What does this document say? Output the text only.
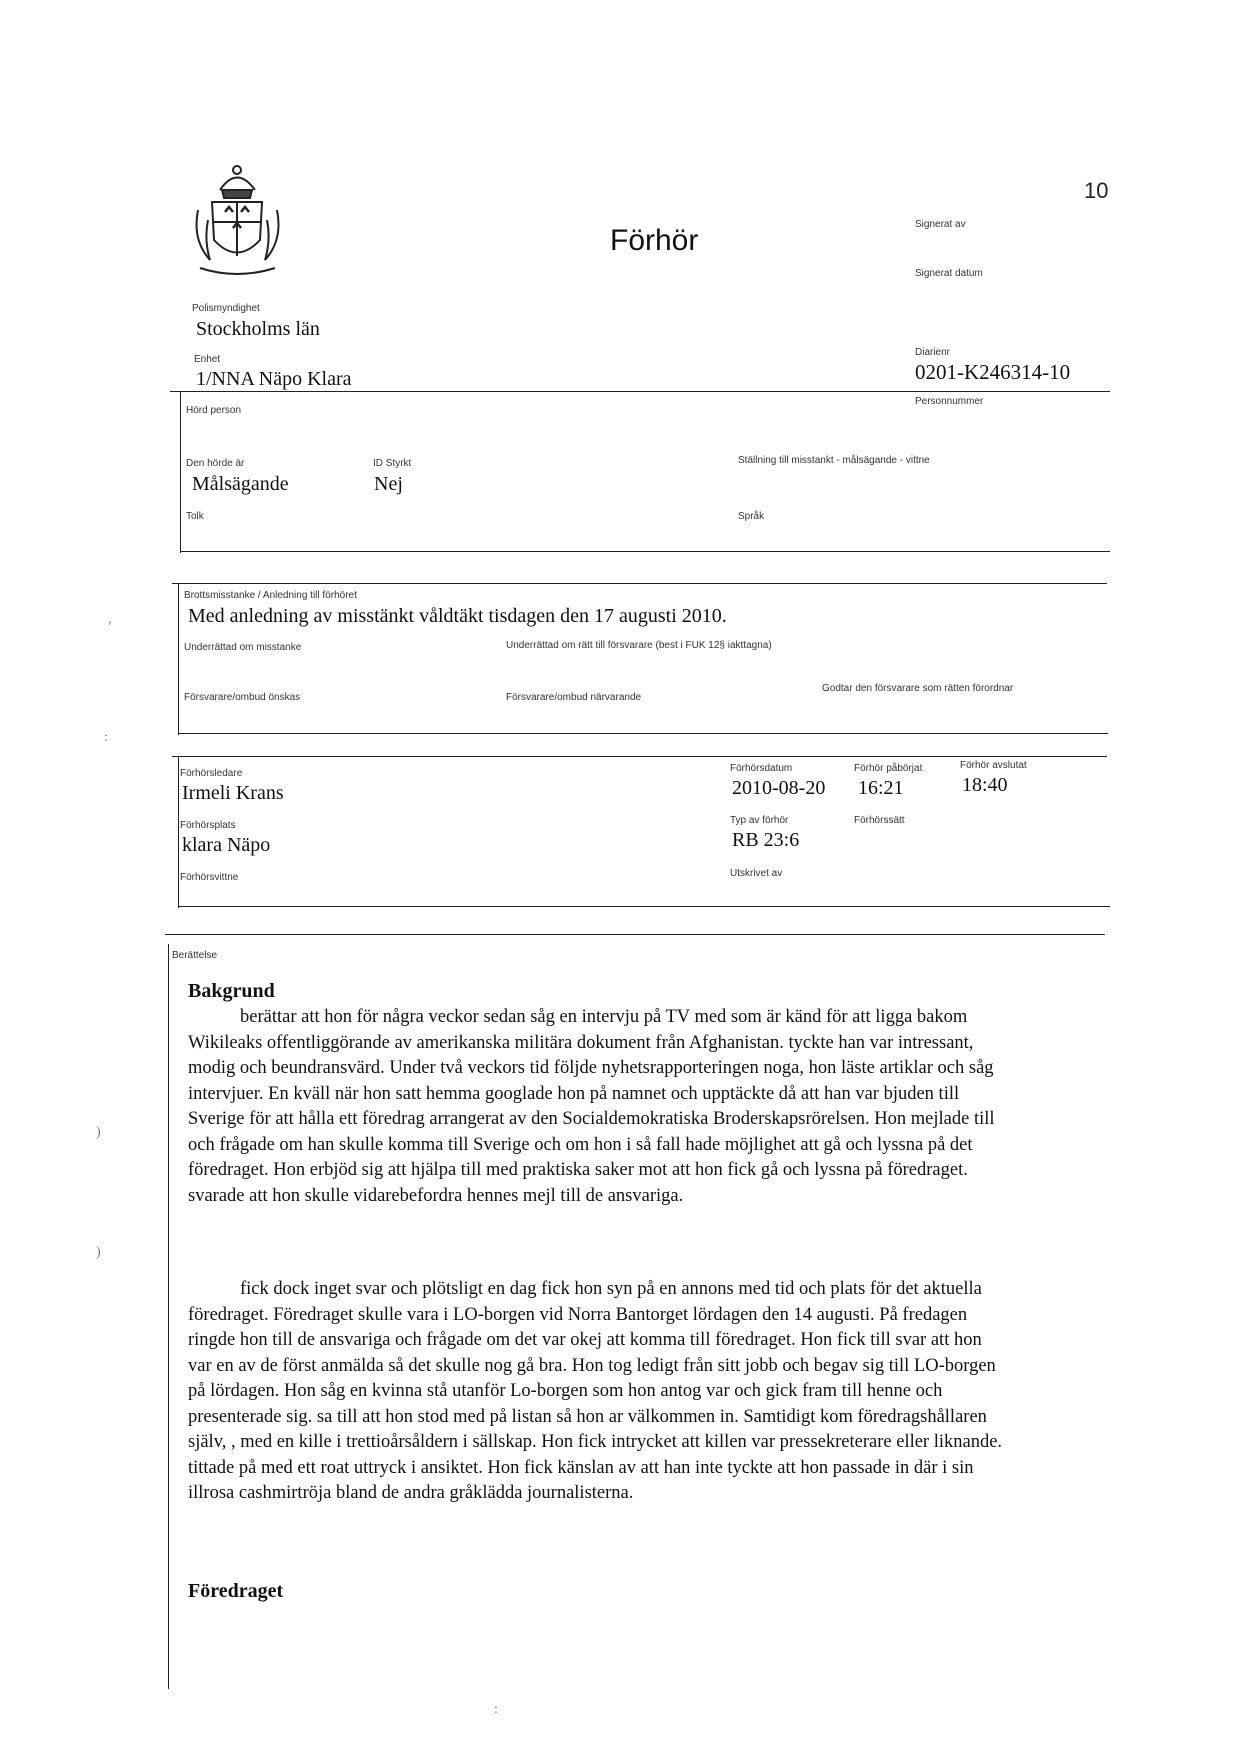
10
Polismyndighet
Stockholms län
Enhet
1/NNA Näpo Klara
Förhör	Signerat av
Signerat datum
Diarienr
0201-K246314-10
Personnummer
Hörd person
Den hörde är
Målsägande
ID Styrkt
Nej
Ställning till misstankt - målsägande - vittne
Tolk	Språk
Brottsmisstanke / Anledning till förhöret
Med anledning av misstänkt våldtäkt tisdagen den 17 augusti 2010.
Underrättad om misstanke	Underrättad om rätt till försvarare (best i FUK 12§ iakttagna)
Försvarare/ombud önskas	Försvarare/ombud närvarande
Godtar den försvarare som rätten förordnar
Förhörsledare
Irmeli Krans
Förhörsdatum
2010-08-20
Förhör påbörjat
16:21
Förhör avslutat
18:40
Förhörsplats
klara Näpo
Typ av förhör
RB 23:6
Förhörssätt
Förhörsvittne	Utskrivet av
Berättelse
Bakgrund

berättar att hon för några veckor sedan såg en intervju på TV med som är känd för att ligga bakom Wikileaks offentliggörande av amerikanska militära dokument från Afghanistan. tyckte han var intressant, modig och beundransvärd. Under två veckors tid följde nyhetsrapporteringen noga, hon läste artiklar och såg intervjuer. En kväll när hon satt hemma googlade hon på namnet och upptäckte då att han var bjuden till Sverige för att hålla ett föredrag arrangerat av den Socialdemokratiska Broderskapsrörelsen. Hon mejlade till och frågade om han skulle komma till Sverige och om hon i så fall hade möjlighet att gå och lyssna på det föredraget. Hon erbjöd sig att hjälpa till med praktiska saker mot att hon fick gå och lyssna på föredraget. svarade att hon skulle vidarebefordra hennes mejl till de ansvariga.

fick dock inget svar och plötsligt en dag fick hon syn på en annons med tid och plats för det aktuella föredraget. Föredraget skulle vara i LO-borgen vid Norra Bantorget lördagen den 14 augusti. På fredagen ringde hon till de ansvariga och frågade om det var okej att komma till föredraget. Hon fick till svar att hon var en av de först anmälda så det skulle nog gå bra. Hon tog ledigt från sitt jobb och begav sig till LO-borgen på lördagen. Hon såg en kvinna stå utanför Lo-borgen som hon antog var och gick fram till henne och presenterade sig. sa till att hon stod med på listan så hon ar välkommen in. Samtidigt kom föredragshållaren själv, , med en kille i trettioårsåldern i sällskap. Hon fick intrycket att killen var pressekreterare eller liknande. tittade på med ett roat uttryck i ansiktet. Hon fick känslan av att han inte tyckte att hon passade in där i sin illrosa cashmirtröja bland de andra gråklädda journalisterna.

Föredraget
,
:
)
)
:
